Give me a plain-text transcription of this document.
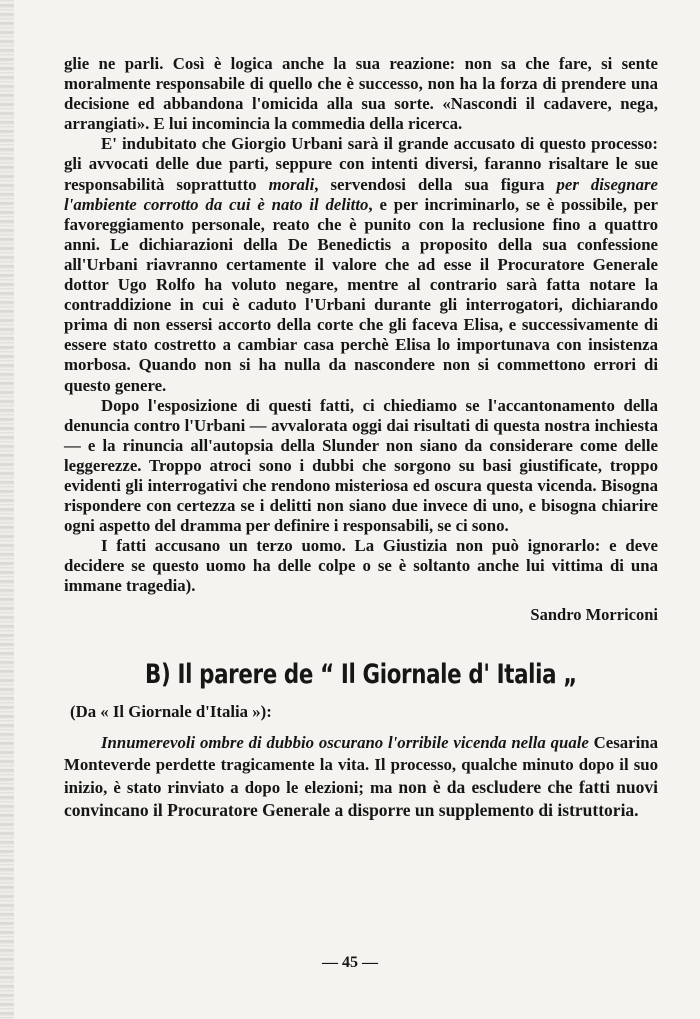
glie ne parli. Così è logica anche la sua reazione: non sa che fare, si sente moralmente responsabile di quello che è successo, non ha la forza di prendere una decisione ed abbandona l'omicida alla sua sorte. «Nascondi il cadavere, nega, arrangiati». E lui incomincia la commedia della ricerca.

E' indubitato che Giorgio Urbani sarà il grande accusato di questo processo: gli avvocati delle due parti, seppure con intenti diversi, faranno risaltare le sue responsabilità soprattutto morali, servendosi della sua figura per disegnare l'ambiente corrotto da cui è nato il delitto, e per incriminarlo, se è possibile, per favoreggiamento personale, reato che è punito con la reclusione fino a quattro anni. Le dichiarazioni della De Benedictis a proposito della sua confessione all'Urbani riavranno certamente il valore che ad esse il Procuratore Generale dottor Ugo Rolfo ha voluto negare, mentre al contrario sarà fatta notare la contraddizione in cui è caduto l'Urbani durante gli interrogatori, dichiarando prima di non essersi accorto della corte che gli faceva Elisa, e successivamente di essere stato costretto a cambiar casa perchè Elisa lo importunava con insistenza morbosa. Quando non si ha nulla da nascondere non si commettono errori di questo genere.

Dopo l'esposizione di questi fatti, ci chiediamo se l'accantonamento della denuncia contro l'Urbani — avvalorata oggi dai risultati di questa nostra inchiesta — e la rinuncia all'autopsia della Slunder non siano da considerare come delle leggerezze. Troppo atroci sono i dubbi che sorgono su basi giustificate, troppo evidenti gli interrogativi che rendono misteriosa ed oscura questa vicenda. Bisogna rispondere con certezza se i delitti non siano due invece di uno, e bisogna chiarire ogni aspetto del dramma per definire i responsabili, se ci sono.

I fatti accusano un terzo uomo. La Giustizia non può ignorarlo: e deve decidere se questo uomo ha delle colpe o se è soltanto anche lui vittima di una immane tragedia).

Sandro Morriconi
B) Il parere de “ Il Giornale d' Italia „
(Da « Il Giornale d'Italia »):

Innumerevoli ombre di dubbio oscurano l'orribile vicenda nella quale Cesarina Monteverde perdette tragicamente la vita. Il processo, qualche minuto dopo il suo inizio, è stato rinviato a dopo le elezioni; ma non è da escludere che fatti nuovi convincano il Procuratore Generale a disporre un supplemento di istruttoria.

— 45 —
